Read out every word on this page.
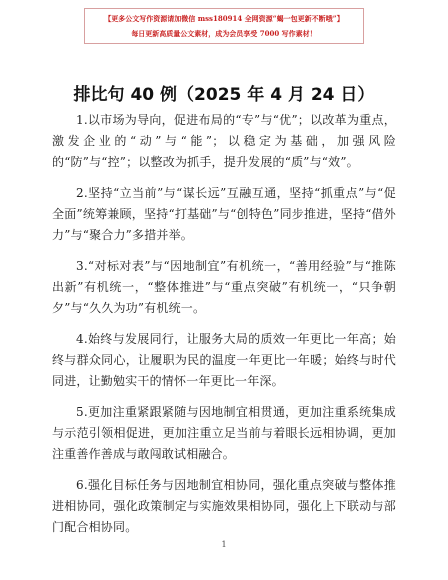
【更多公文写作资源请加微信 mss180914 全网资源“蝎一包更新不断哦”】
每日更新高质量公文素材，成为会员享受 7000 写作素材！
排比句 40 例（2025 年 4 月 24 日）

1.以市场为导向，促进布局的“专”与“优”；以改革为重点，激发企业的“动”与“能”；以稳定为基础，加强风险的“防”与“控”；以整改为抓手，提升发展的“质”与“效”。

2.坚持“立当前”与“谋长远”互融互通，坚持“抓重点”与“促全面”统筹兼顾，坚持“打基础”与“创特色”同步推进，坚持“借外力”与“聚合力”多措并举。

3.“对标对表”与“因地制宜”有机统一，“善用经验”与“推陈出新”有机统一，“整体推进”与“重点突破”有机统一，“只争朝夕”与“久久为功”有机统一。

4.始终与发展同行，让服务大局的质效一年更比一年高；始终与群众同心，让履职为民的温度一年更比一年暖；始终与时代同进，让勤勉实干的情怀一年更比一年深。

5.更加注重紧跟紧随与因地制宜相贯通，更加注重系统集成与示范引领相促进，更加注重立足当前与着眼长远相协调，更加注重善作善成与敢闯敢试相融合。

6.强化目标任务与因地制宜相协同，强化重点突破与整体推进相协同，强化政策制定与实施效果相协同，强化上下联动与部门配合相协同。

1
